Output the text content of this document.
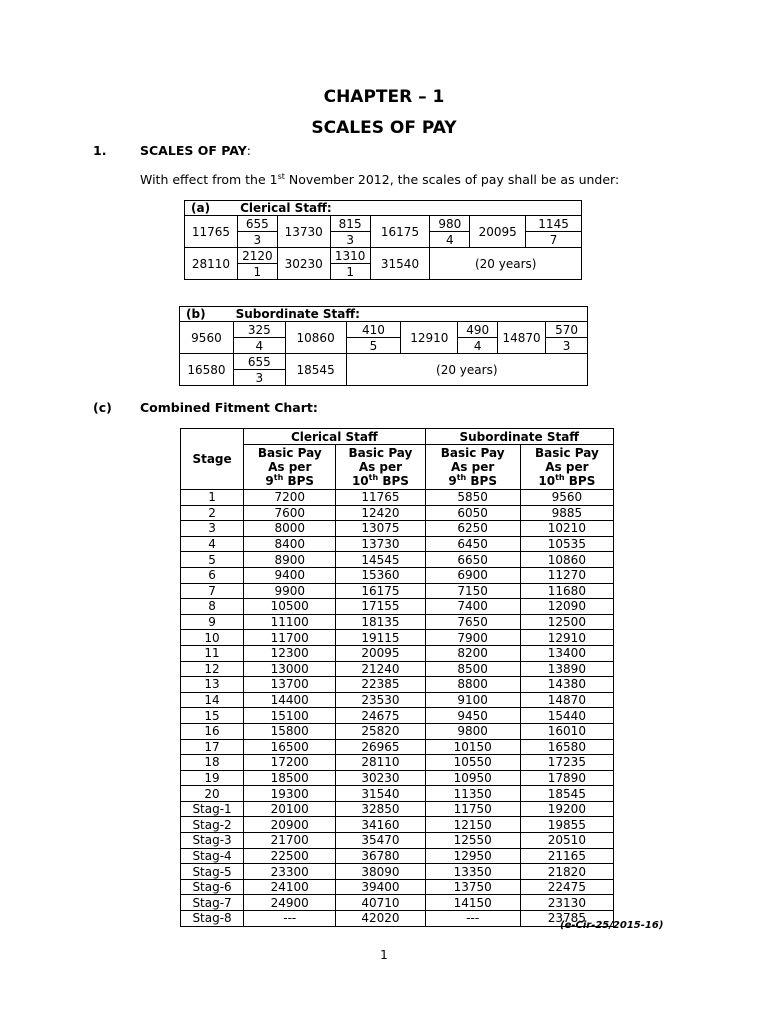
CHAPTER – 1
SCALES OF PAY
1.	SCALES OF PAY:
With effect from the 1st November 2012, the scales of pay shall be as under:
(a) Clerical Staff:							
11765	655	13730	815	16175	980	20095	1145
	3		3		4		7
28110	2120	30230	1310	31540	(20 years)		
	1		1				
(b) Subordinate Staff:							
9560	325	10860	410	12910	490	14870	570
	4		5		4		3
16580	655	18545	(20 years)				
	3						
(c) Combined Fitment Chart:
Stage	Clerical Staff		Subordinate Staff	
	Basic Pay
As per
9th BPS	Basic Pay
As per
10th BPS	Basic Pay
As per
9th BPS	Basic Pay
As per
10th BPS
1	7200	11765	5850	9560
2	7600	12420	6050	9885
3	8000	13075	6250	10210
4	8400	13730	6450	10535
5	8900	14545	6650	10860
6	9400	15360	6900	11270
7	9900	16175	7150	11680
8	10500	17155	7400	12090
9	11100	18135	7650	12500
10	11700	19115	7900	12910
11	12300	20095	8200	13400
12	13000	21240	8500	13890
13	13700	22385	8800	14380
14	14400	23530	9100	14870
15	15100	24675	9450	15440
16	15800	25820	9800	16010
17	16500	26965	10150	16580
18	17200	28110	10550	17235
19	18500	30230	10950	17890
20	19300	31540	11350	18545
Stag-1	20100	32850	11750	19200
Stag-2	20900	34160	12150	19855
Stag-3	21700	35470	12550	20510
Stag-4	22500	36780	12950	21165
Stag-5	23300	38090	13350	21820
Stag-6	24100	39400	13750	22475
Stag-7	24900	40710	14150	23130
Stag-8	---	42020	---	23785
(e-Cir-25/2015-16)
1
